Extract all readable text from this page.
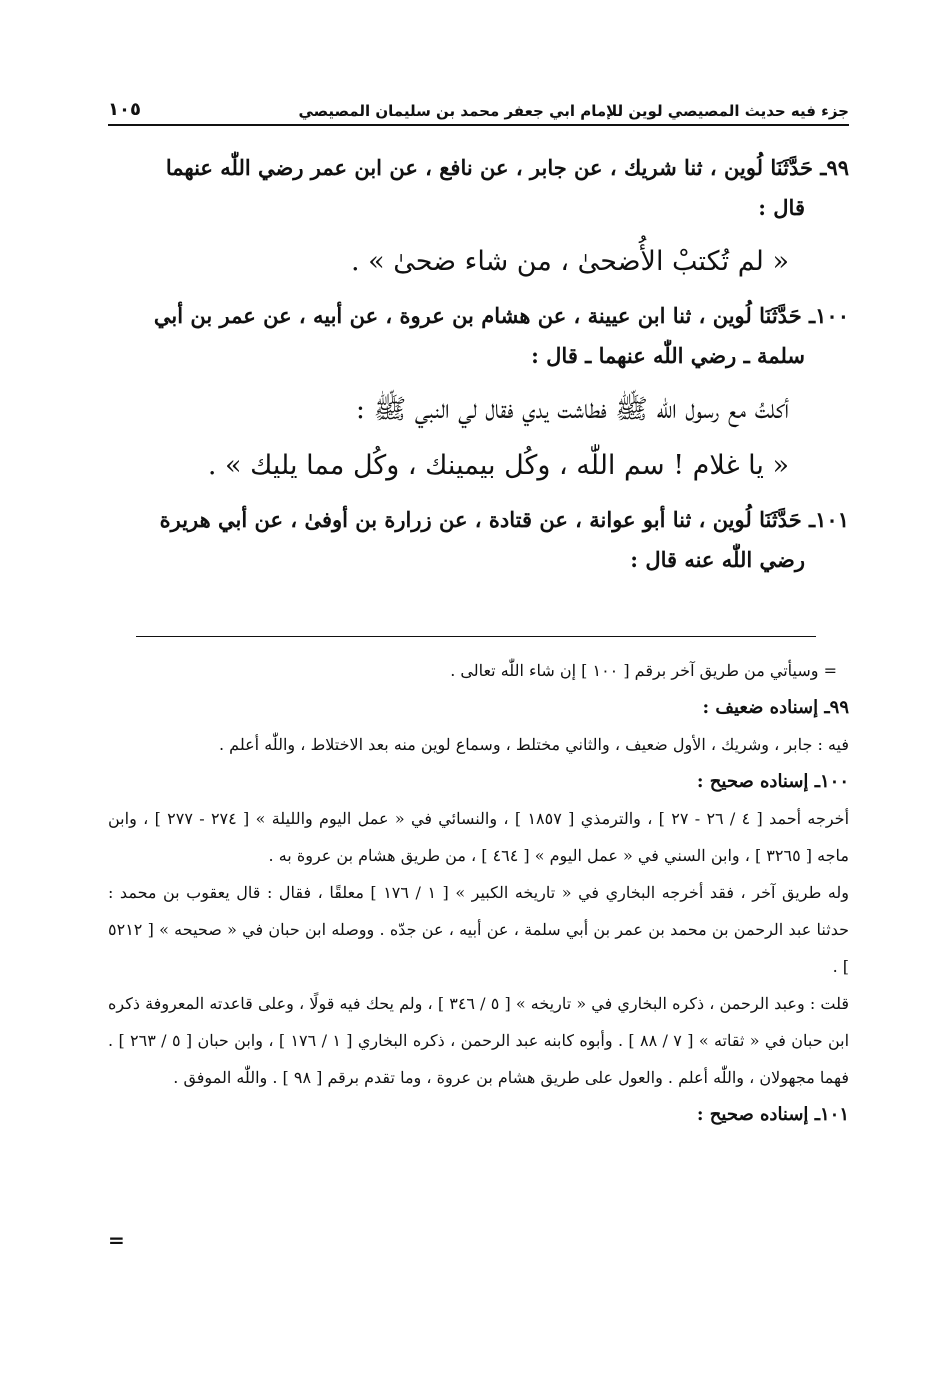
جزء فيه حديث المصيصي لوين للإمام ابي جعفر محمد بن سليمان المصيصي
١٠٥
٩٩ـ حَدَّثَنَا لُوين ، ثنا شريك ، عن جابر ، عن نافع ، عن ابن عمر رضي اللّٰه عنهما
قال :
« لم تُكتبْ الأُضحىٰ ، من شاء ضحىٰ » .
١٠٠ـ حَدَّثَنَا لُوين ، ثنا ابن عيينة ، عن هشام بن عروة ، عن أبيه ، عن عمر بن أبي
سلمة ـ رضي اللّٰه عنهما ـ قال :
أكلتُ مع رسول اللّٰه ﷺ فطاشت يدي فقال لي النبي ﷺ :
« يا غلام ! سم اللّٰه ، وكُل بيمينك ، وكُل مما يليك » .
١٠١ـ حَدَّثَنَا لُوين ، ثنا أبو عوانة ، عن قتادة ، عن زرارة بن أوفىٰ ، عن أبي هريرة
رضي اللّٰه عنه قال :

= وسيأتي من طريق آخر برقم [ ١٠٠ ] إن شاء اللّٰه تعالى .

٩٩ـ إسناده ضعيف :

فيه : جابر ، وشريك ، الأول ضعيف ، والثاني مختلط ، وسماع لوين منه بعد الاختلاط ، واللّٰه أعلم .

١٠٠ـ إسناده صحيح :

أخرجه أحمد [ ٤ / ٢٦ - ٢٧ ] ، والترمذي [ ١٨٥٧ ] ، والنسائي في « عمل اليوم والليلة » [ ٢٧٤ - ٢٧٧ ] ، وابن ماجه [ ٣٢٦٥ ] ، وابن السني في « عمل اليوم » [ ٤٦٤ ] ، من طريق هشام بن عروة به .

وله طريق آخر ، فقد أخرجه البخاري في « تاريخه الكبير » [ ١ / ١٧٦ ] معلقًا ، فقال : قال يعقوب بن محمد : حدثنا عبد الرحمن بن محمد بن عمر بن أبي سلمة ، عن أبيه ، عن جدّه . ووصله ابن حبان في « صحيحه » [ ٥٢١٢ ] .

قلت : وعبد الرحمن ، ذكره البخاري في « تاريخه » [ ٥ / ٣٤٦ ] ، ولم يحك فيه قولًا ، وعلى قاعدته المعروفة ذكره ابن حبان في « ثقاته » [ ٧ / ٨٨ ] . وأبوه كابنه عبد الرحمن ، ذكره البخاري [ ١ / ١٧٦ ] ، وابن حبان [ ٥ / ٢٦٣ ] . فهما مجهولان ، واللّٰه أعلم . والعول على طريق هشام بن عروة ، وما تقدم برقم [ ٩٨ ] . واللّٰه الموفق .

١٠١ـ إسناده صحيح :

=
